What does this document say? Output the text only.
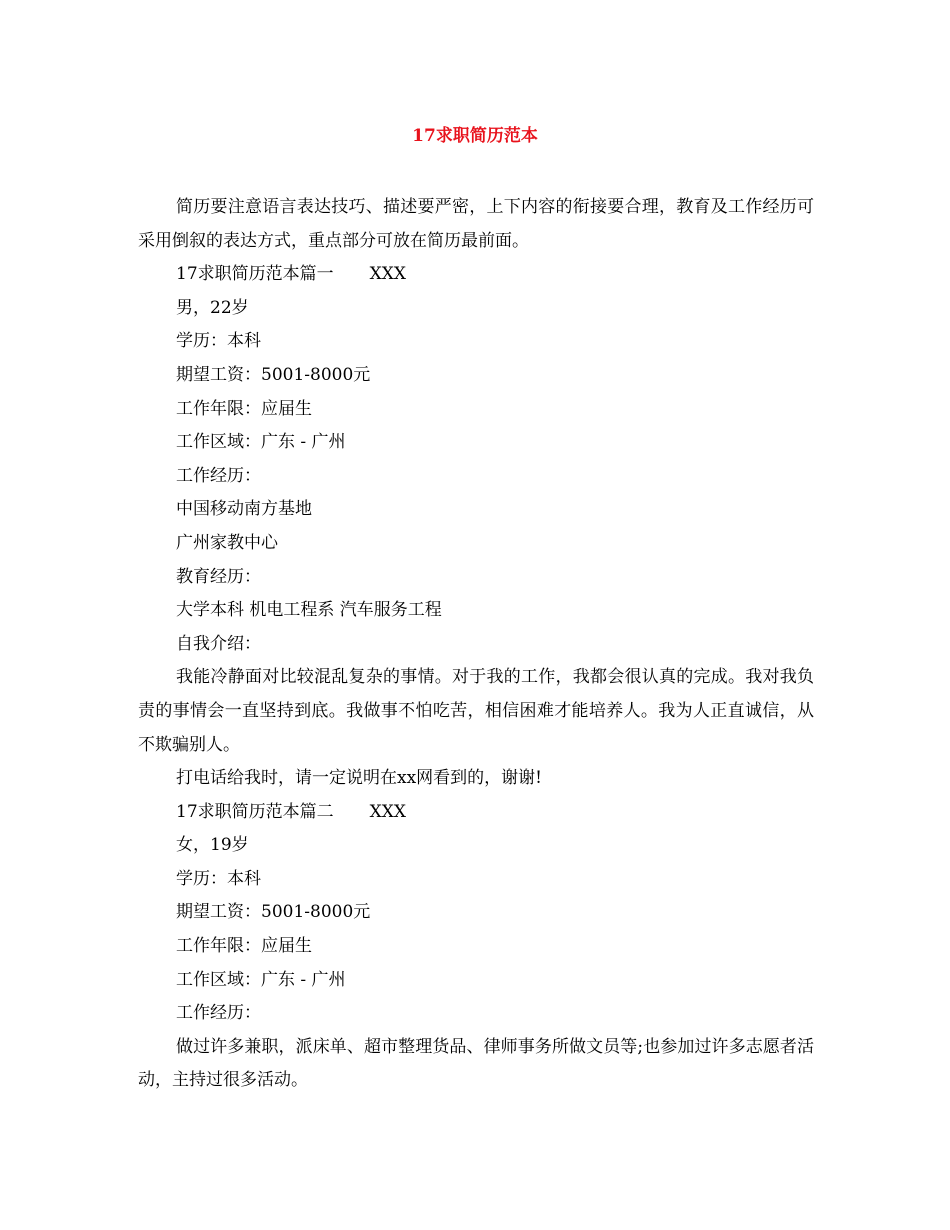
17求职简历范本

简历要注意语言表达技巧、描述要严密，上下内容的衔接要合理，教育及工作经历可采用倒叙的表达方式，重点部分可放在简历最前面。

17求职简历范本篇一 XXX

男，22岁

学历：本科

期望工资：5001-8000元

工作年限：应届生

工作区域：广东 - 广州

工作经历：

中国移动南方基地

广州家教中心

教育经历：

大学本科 机电工程系 汽车服务工程

自我介绍：

我能冷静面对比较混乱复杂的事情。对于我的工作，我都会很认真的完成。我对我负责的事情会一直坚持到底。我做事不怕吃苦，相信困难才能培养人。我为人正直诚信，从不欺骗别人。

打电话给我时，请一定说明在xx网看到的，谢谢!

17求职简历范本篇二 XXX

女，19岁

学历：本科

期望工资：5001-8000元

工作年限：应届生

工作区域：广东 - 广州

工作经历：

做过许多兼职，派床单、超市整理货品、律师事务所做文员等;也参加过许多志愿者活动，主持过很多活动。
